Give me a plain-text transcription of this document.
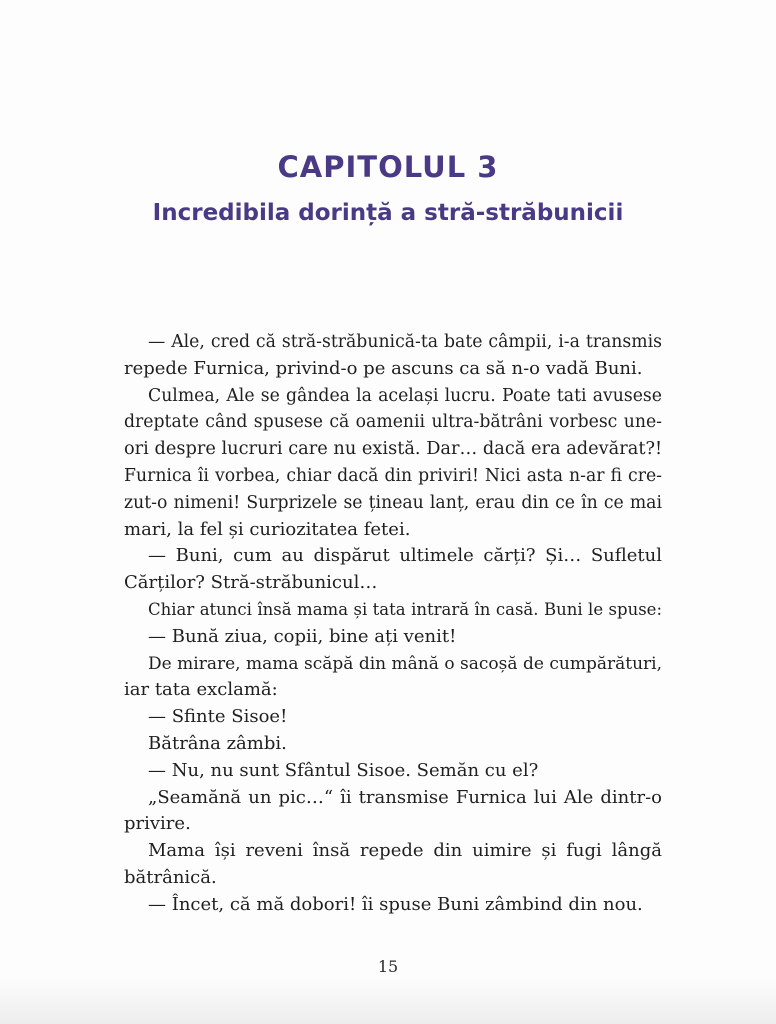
CAPITOLUL 3
Incredibila dorință a stră-străbunicii
— Ale, cred că stră-străbunică-ta bate câmpii, i-a transmis
repede Furnica, privind-o pe ascuns ca să n-o vadă Buni.
Culmea, Ale se gândea la același lucru. Poate tati avusese
dreptate când spusese că oamenii ultra-bătrâni vorbesc une-
ori despre lucruri care nu există. Dar… dacă era adevărat?!
Furnica îi vorbea, chiar dacă din priviri! Nici asta n-ar fi cre-
zut-o nimeni! Surprizele se țineau lanț, erau din ce în ce mai
mari, la fel și curiozitatea fetei.
— Buni, cum au dispărut ultimele cărți? Și… Sufletul
Cărților? Stră-străbunicul…
Chiar atunci însă mama și tata intrară în casă. Buni le spuse:
— Bună ziua, copii, bine ați venit!
De mirare, mama scăpă din mână o sacoșă de cumpărături,
iar tata exclamă:
— Sfinte Sisoe!
Bătrâna zâmbi.
— Nu, nu sunt Sfântul Sisoe. Semăn cu el?
„Seamănă un pic…“ îi transmise Furnica lui Ale dintr-o
privire.
Mama își reveni însă repede din uimire și fugi lângă
bătrânică.
— Încet, că mă dobori! îi spuse Buni zâmbind din nou.
15
